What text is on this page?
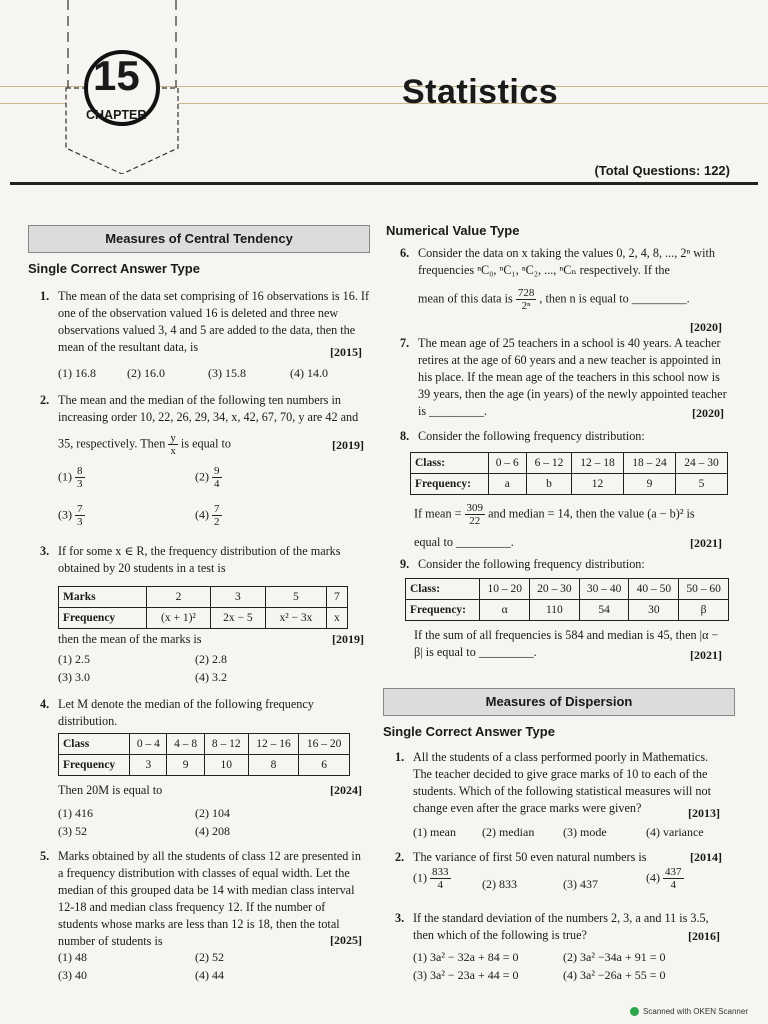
15
CHAPTER
Statistics
(Total Questions: 122)
Measures of Central Tendency
Single Correct Answer Type
1. The mean of the data set comprising of 16 observations is 16. If one of the observation valued 16 is deleted and three new observations valued 3, 4 and 5 are added to the data, then the mean of the resultant data, is	[2015]
(1) 16.8	(2) 16.0	(3) 15.8	(4) 14.0
2. The mean and the median of the following ten numbers in increasing order 10, 22, 26, 29, 34, x, 42, 67, 70, y are 42 and
35, respectively. Then $\frac{y}{x}$ is equal to	[2019]
$(1) \frac{8}{3}$	$(2) \frac{9}{4}$
$(3) \frac{7}{3}$	$(4) \frac{7}{2}$
3. If for some x ∈ R, the frequency distribution of the marks obtained by 20 students in a test is
Marks	2	3	5	7
Frequency	(x + 1)²	2x − 5	x² − 3x	x
then the mean of the marks is	[2019]
(1) 2.5	(2) 2.8
(3) 3.0	(4) 3.2
4. Let M denote the median of the following frequency distribution.
Class	0 – 4	4 – 8	8 – 12	12 – 16	16 – 20
Frequency	3	9	10	8	6
Then 20M is equal to	[2024]
(1) 416	(2) 104
(3) 52	(4) 208
5. Marks obtained by all the students of class 12 are presented in a frequency distribution with classes of equal width. Let the median of this grouped data be 14 with median class interval 12-18 and median class frequency 12. If the number of students whose marks are less than 12 is 18, then the total number of students is	[2025]
(1) 48	(2) 52
(3) 40	(4) 44
Numerical Value Type
6. Consider the data on x taking the values 0, 2, 4, 8, ..., 2ⁿ with frequencies ⁿC₀, ⁿC₁, ⁿC₂, ..., ⁿCₙ respectively. If the
mean of this data is $\frac{728}{\text{2ⁿ}}$ , then n is equal to _________.
[2020]
7. The mean age of 25 teachers in a school is 40 years. A teacher retires at the age of 60 years and a new teacher is appointed in his place. If the mean age of the teachers in this school now is 39 years, then the age (in years) of the newly appointed teacher is _________.	[2020]
8. Consider the following frequency distribution:
Class:	0 – 6	6 – 12	12 – 18	18 – 24	24 – 30
Frequency:	a	b	12	9	5
If mean = $\frac{309}{22}$ and median = 14, then the value (a − b)² is
equal to _________.	[2021]
9. Consider the following frequency distribution:
Class:	10 – 20	20 – 30	30 – 40	40 – 50	50 – 60
Frequency:	α	110	54	30	β
If the sum of all frequencies is 584 and median is 45, then |α − β| is equal to _________.	[2021]
Measures of Dispersion
Single Correct Answer Type
1. All the students of a class performed poorly in Mathematics. The teacher decided to give grace marks of 10 to each of the students. Which of the following statistical measures will not change even after the grace marks were given?	[2013]
(1) mean (2) median (3) mode	(4) variance
2. The variance of first 50 even natural numbers is	[2014]
$(1) \frac{833}{4}$	(2) 833	(3) 437	$(4) \frac{437}{4}$
3. If the standard deviation of the numbers 2, 3, a and 11 is 3.5, then which of the following is true?	[2016]
(1) 3a² − 32a + 84 = 0	(2) 3a² −34a + 91 = 0
(3) 3a² − 23a + 44 = 0	(4) 3a² −26a + 55 = 0
Scanned with OKEN Scanner
